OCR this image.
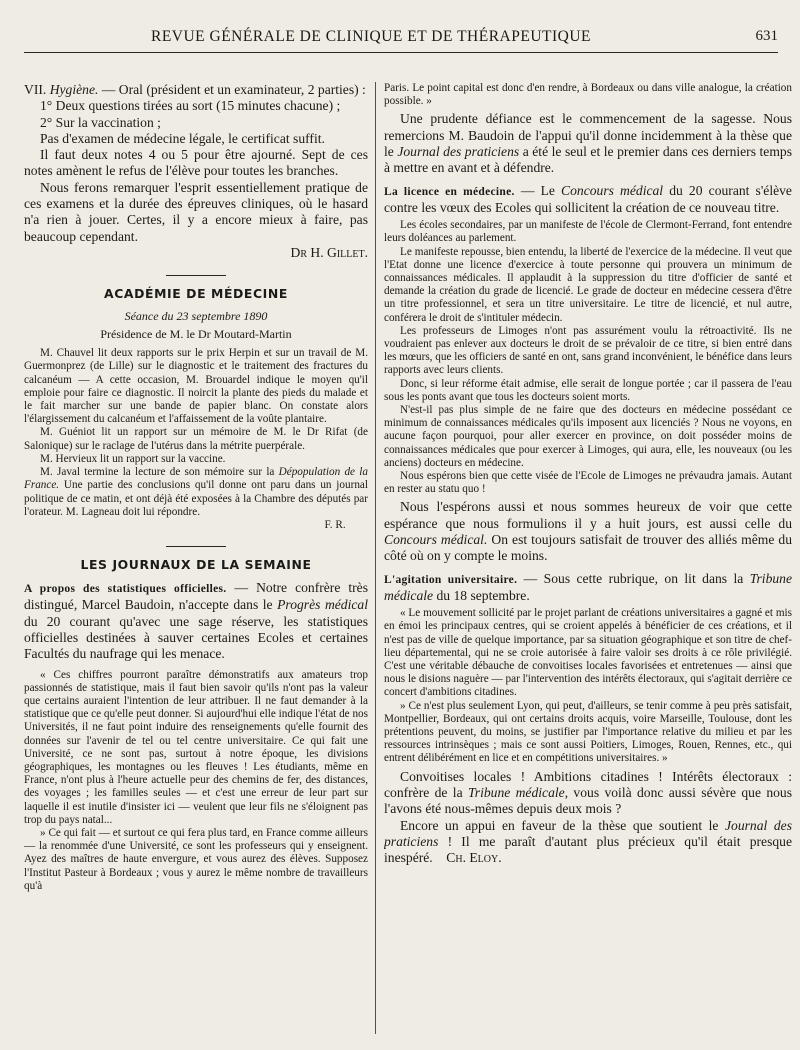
REVUE GÉNÉRALE DE CLINIQUE ET DE THÉRAPEUTIQUE	631

VII. Hygiène. — Oral (président et un examinateur, 2 parties) :

1° Deux questions tirées au sort (15 minutes chacune) ;

2° Sur la vaccination ;

Pas d'examen de médecine légale, le certificat suffit.

Il faut deux notes 4 ou 5 pour être ajourné. Sept de ces notes amènent le refus de l'élève pour toutes les branches.

Nous ferons remarquer l'esprit essentiellement pratique de ces examens et la durée des épreuves cliniques, où le hasard n'a rien à jouer. Certes, il y a encore mieux à faire, pas beaucoup cependant.

Dr H. Gillet.

ACADÉMIE DE MÉDECINE
Séance du 23 septembre 1890
Présidence de M. le Dr Moutard-Martin

M. Chauvel lit deux rapports sur le prix Herpin et sur un travail de M. Guermonprez (de Lille) sur le diagnostic et le traitement des fractures du calcanéum — A cette occasion, M. Brouardel indique le moyen qu'il emploie pour faire ce diagnostic. Il noircit la plante des pieds du malade et le fait marcher sur une bande de papier blanc. On constate alors l'élargissement du calcanéum et l'affaissement de la voûte plantaire.

M. Guéniot lit un rapport sur un mémoire de M. le Dr Rifat (de Salonique) sur le raclage de l'utérus dans la métrite puerpérale.

M. Hervieux lit un rapport sur la vaccine.

M. Javal termine la lecture de son mémoire sur la Dépopulation de la France. Une partie des conclusions qu'il donne ont paru dans un journal politique de ce matin, et ont déjà été exposées à la Chambre des députés par l'orateur. M. Lagneau doit lui répondre.

F. R.

LES JOURNAUX DE LA SEMAINE

A propos des statistiques officielles. — Notre confrère très distingué, Marcel Baudoin, n'accepte dans le Progrès médical du 20 courant qu'avec une sage réserve, les statistiques officielles destinées à sauver certaines Ecoles et certaines Facultés du naufrage qui les menace.

« Ces chiffres pourront paraître démonstratifs aux amateurs trop passionnés de statistique, mais il faut bien savoir qu'ils n'ont pas la valeur que certains auraient l'intention de leur attribuer. Il ne faut demander à la statistique que ce qu'elle peut donner. Si aujourd'hui elle indique l'état de nos Universités, il ne faut point induire des renseignements qu'elle fournit des données sur l'avenir de tel ou tel centre universitaire. Ce qui fait une Université, ce ne sont pas, surtout à notre époque, les divisions géographiques, les montagnes ou les fleuves ! Les étudiants, même en France, n'ont plus à l'heure actuelle peur des chemins de fer, des distances, des voyages ; les familles seules — et c'est une erreur de leur part sur laquelle il est inutile d'insister ici — veulent que leur fils ne s'éloignent pas trop du pays natal...

» Ce qui fait — et surtout ce qui fera plus tard, en France comme ailleurs — la renommée d'une Université, ce sont les professeurs qui y enseignent. Ayez des maîtres de haute envergure, et vous aurez des élèves. Supposez l'Institut Pasteur à Bordeaux ; vous y aurez le même nombre de travailleurs qu'à

Paris. Le point capital est donc d'en rendre, à Bordeaux ou dans ville analogue, la création possible. »

Une prudente défiance est le commencement de la sagesse. Nous remercions M. Baudoin de l'appui qu'il donne incidemment à la thèse que le Journal des praticiens a été le seul et le premier dans ces derniers temps à mettre en avant et à défendre.

La licence en médecine. — Le Concours médical du 20 courant s'élève contre les vœux des Ecoles qui sollicitent la création de ce nouveau titre.

Les écoles secondaires, par un manifeste de l'école de Clermont-Ferrand, font entendre leurs doléances au parlement.

Le manifeste repousse, bien entendu, la liberté de l'exercice de la médecine. Il veut que l'Etat donne une licence d'exercice à toute personne qui prouvera un minimum de connaissances médicales. Il applaudit à la suppression du titre d'officier de santé et demande la création du grade de licencié. Le grade de docteur en médecine cessera d'être un titre professionnel, et sera un titre universitaire. Le titre de licencié, et nul autre, conférera le droit de s'intituler médecin.

Les professeurs de Limoges n'ont pas assurément voulu la rétroactivité. Ils ne voudraient pas enlever aux docteurs le droit de se prévaloir de ce titre, si bien entré dans les mœurs, que les officiers de santé en ont, sans grand inconvénient, le bénéfice dans leurs rapports avec leurs clients.

Donc, si leur réforme était admise, elle serait de longue portée ; car il passera de l'eau sous les ponts avant que tous les docteurs soient morts.

N'est-il pas plus simple de ne faire que des docteurs en médecine possédant ce minimum de connaissances médicales qu'ils imposent aux licenciés ? Nous ne voyons, en aucune façon pourquoi, pour aller exercer en province, on doit posséder moins de connaissances médicales que pour exercer à Limoges, qui aura, elle, les nouveaux (ou les anciens) docteurs en médecine.

Nous espérons bien que cette visée de l'Ecole de Limoges ne prévaudra jamais. Autant en rester au statu quo !

Nous l'espérons aussi et nous sommes heureux de voir que cette espérance que nous formulions il y a huit jours, est aussi celle du Concours médical. On est toujours satisfait de trouver des alliés même du côté où on y compte le moins.

L'agitation universitaire. — Sous cette rubrique, on lit dans la Tribune médicale du 18 septembre.

« Le mouvement sollicité par le projet parlant de créations universitaires a gagné et mis en émoi les principaux centres, qui se croient appelés à bénéficier de ces créations, et il n'est pas de ville de quelque importance, par sa situation géographique et son titre de chef-lieu départemental, qui ne se croie autorisée à faire valoir ses droits à ce rôle privilégié. C'est une véritable débauche de convoitises locales favorisées et entretenues — ainsi que nous le disions naguère — par l'intervention des intérêts électoraux, qui s'agitait derrière ce concert d'ambitions citadines.

» Ce n'est plus seulement Lyon, qui peut, d'ailleurs, se tenir comme à peu près satisfait, Montpellier, Bordeaux, qui ont certains droits acquis, voire Marseille, Toulouse, dont les prétentions peuvent, du moins, se justifier par l'importance relative du milieu et par les ressources intrinsèques ; mais ce sont aussi Poitiers, Limoges, Rouen, Rennes, etc., qui entrent délibérément en lice et en compétitions universitaires. »

Convoitises locales ! Ambitions citadines ! Intérêts électoraux : confrère de la Tribune médicale, vous voilà donc aussi sévère que nous l'avons été nous-mêmes depuis deux mois ?

Encore un appui en faveur de la thèse que soutient le Journal des praticiens ! Il me paraît d'autant plus précieux qu'il était presque inespéré. Ch. Eloy.
